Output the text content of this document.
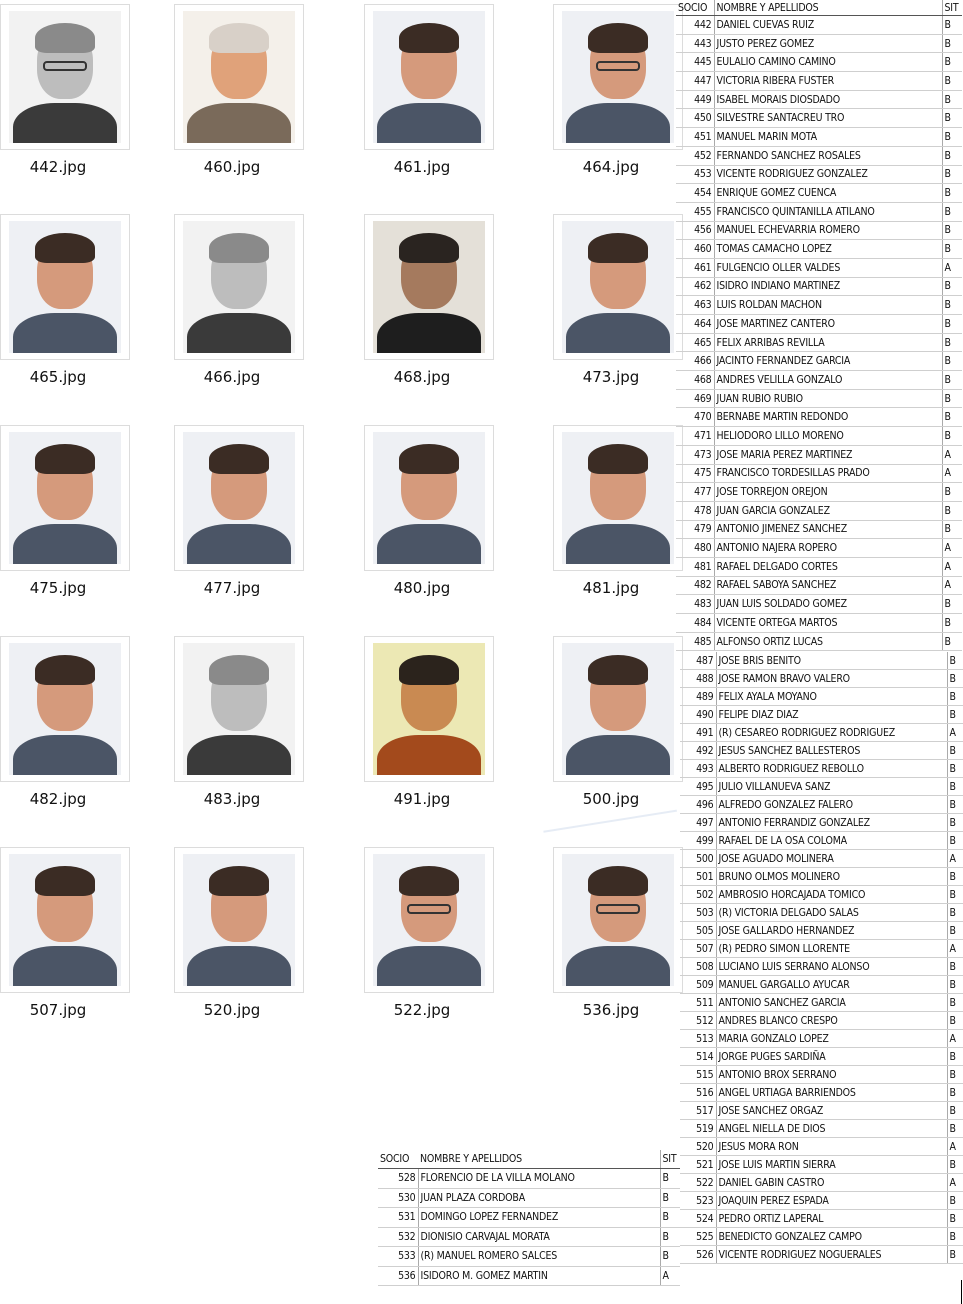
442.jpg	460.jpg	461.jpg	464.jpg
465.jpg	466.jpg	468.jpg	473.jpg
475.jpg	477.jpg	480.jpg	481.jpg
482.jpg	483.jpg	491.jpg	500.jpg
507.jpg	520.jpg	522.jpg	536.jpg
SOCIO	NOMBRE Y APELLIDOS	SIT
442	DANIEL CUEVAS RUIZ	B
443	JUSTO PEREZ GOMEZ	B
445	EULALIO CAMINO CAMINO	B
447	VICTORIA RIBERA FUSTER	B
449	ISABEL MORAIS DIOSDADO	B
450	SILVESTRE SANTACREU TRO	B
451	MANUEL MARIN MOTA	B
452	FERNANDO SANCHEZ ROSALES	B
453	VICENTE RODRIGUEZ GONZALEZ	B
454	ENRIQUE GOMEZ CUENCA	B
455	FRANCISCO QUINTANILLA ATILANO	B
456	MANUEL ECHEVARRIA ROMERO	B
460	TOMAS CAMACHO LOPEZ	B
461	FULGENCIO OLLER VALDES	A
462	ISIDRO INDIANO MARTINEZ	B
463	LUIS ROLDAN MACHON	B
464	JOSE MARTINEZ CANTERO	B
465	FELIX ARRIBAS REVILLA	B
466	JACINTO FERNANDEZ GARCIA	B
468	ANDRES VELILLA GONZALO	B
469	JUAN RUBIO RUBIO	B
470	BERNABE MARTIN REDONDO	B
471	HELIODORO LILLO MORENO	B
473	JOSE MARIA PEREZ MARTINEZ	A
475	FRANCISCO TORDESILLAS PRADO	A
477	JOSE TORREJON OREJON	B
478	JUAN GARCIA GONZALEZ	B
479	ANTONIO JIMENEZ SANCHEZ	B
480	ANTONIO NAJERA ROPERO	A
481	RAFAEL DELGADO CORTES	A
482	RAFAEL SABOYA SANCHEZ	A
483	JUAN LUIS SOLDADO GOMEZ	B
484	VICENTE ORTEGA MARTOS	B
485	ALFONSO ORTIZ LUCAS	B
487	JOSE BRIS BENITO	B
488	JOSE RAMON BRAVO VALERO	B
489	FELIX AYALA MOYANO	B
490	FELIPE DIAZ DIAZ	B
491	(R) CESAREO RODRIGUEZ RODRIGUEZ	A
492	JESUS SANCHEZ BALLESTEROS	B
493	ALBERTO RODRIGUEZ REBOLLO	B
495	JULIO VILLANUEVA SANZ	B
496	ALFREDO GONZALEZ FALERO	B
497	ANTONIO FERRANDIZ GONZALEZ	B
499	RAFAEL DE LA OSA COLOMA	B
500	JOSE AGUADO MOLINERA	A
501	BRUNO OLMOS MOLINERO	B
502	AMBROSIO HORCAJADA TOMICO	B
503	(R) VICTORIA DELGADO SALAS	B
505	JOSE GALLARDO HERNANDEZ	B
507	(R) PEDRO SIMON LLORENTE	A
508	LUCIANO LUIS SERRANO ALONSO	B
509	MANUEL GARGALLO AYUCAR	B
511	ANTONIO SANCHEZ GARCIA	B
512	ANDRES BLANCO CRESPO	B
513	MARIA GONZALO LOPEZ	A
514	JORGE PUGES SARDIÑA	B
515	ANTONIO BROX SERRANO	B
516	ANGEL URTIAGA BARRIENDOS	B
517	JOSE SANCHEZ ORGAZ	B
519	ANGEL NIELLA DE DIOS	B
520	JESUS MORA RON	A
521	JOSE LUIS MARTIN SIERRA	B
522	DANIEL GABIN CASTRO	A
523	JOAQUIN PEREZ ESPADA	B
524	PEDRO ORTIZ LAPERAL	B
525	BENEDICTO GONZALEZ CAMPO	B
526	VICENTE RODRIGUEZ NOGUERALES	B
SOCIO	NOMBRE Y APELLIDOS	SIT
528	FLORENCIO DE LA VILLA MOLANO	B
530	JUAN PLAZA CORDOBA	B
531	DOMINGO LOPEZ FERNANDEZ	B
532	DIONISIO CARVAJAL MORATA	B
533	(R) MANUEL ROMERO SALCES	B
536	ISIDORO M. GOMEZ MARTIN	A
